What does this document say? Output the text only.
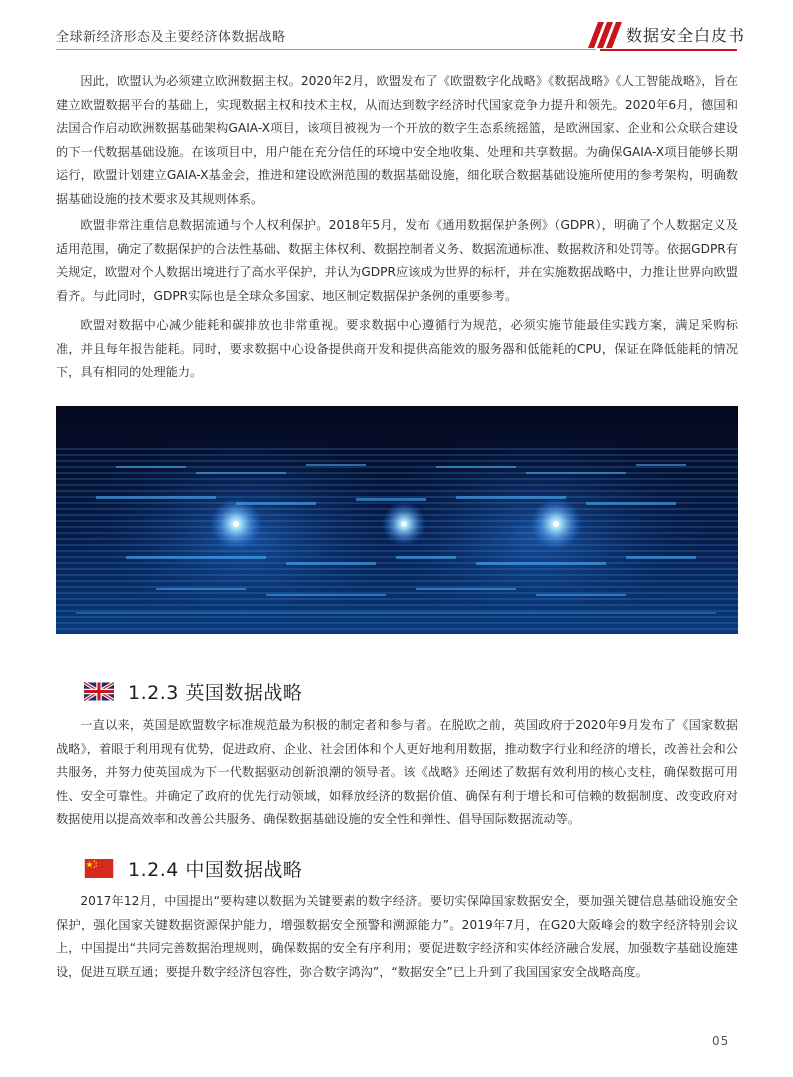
全球新经济形态及主要经济体数据战略	数据安全白皮书

因此，欧盟认为必须建立欧洲数据主权。2020年2月，欧盟发布了《欧盟数字化战略》《数据战略》《人工智能战略》，旨在建立欧盟数据平台的基础上，实现数据主权和技术主权，从而达到数字经济时代国家竞争力提升和领先。2020年6月，德国和法国合作启动欧洲数据基础架构GAIA-X项目，该项目被视为一个开放的数字生态系统摇篮，是欧洲国家、企业和公众联合建设的下一代数据基础设施。在该项目中，用户能在充分信任的环境中安全地收集、处理和共享数据。为确保GAIA-X项目能够长期运行，欧盟计划建立GAIA-X基金会，推进和建设欧洲范围的数据基础设施，细化联合数据基础设施所使用的参考架构，明确数据基础设施的技术要求及其规则体系。

欧盟非常注重信息数据流通与个人权利保护。2018年5月，发布《通用数据保护条例》（GDPR），明确了个人数据定义及适用范围，确定了数据保护的合法性基础、数据主体权利、数据控制者义务、数据流通标准、数据救济和处罚等。依据GDPR有关规定，欧盟对个人数据出境进行了高水平保护，并认为GDPR应该成为世界的标杆，并在实施数据战略中，力推让世界向欧盟看齐。与此同时，GDPR实际也是全球众多国家、地区制定数据保护条例的重要参考。

欧盟对数据中心减少能耗和碳排放也非常重视。要求数据中心遵循行为规范，必须实施节能最佳实践方案，满足采购标准，并且每年报告能耗。同时，要求数据中心设备提供商开发和提供高能效的服务器和低能耗的CPU，保证在降低能耗的情况下，具有相同的处理能力。

1.2.3 英国数据战略

一直以来，英国是欧盟数字标准规范最为积极的制定者和参与者。在脱欧之前，英国政府于2020年9月发布了《国家数据战略》，着眼于利用现有优势，促进政府、企业、社会团体和个人更好地利用数据，推动数字行业和经济的增长，改善社会和公共服务，并努力使英国成为下一代数据驱动创新浪潮的领导者。该《战略》还阐述了数据有效利用的核心支柱，确保数据可用性、安全可靠性。并确定了政府的优先行动领域，如释放经济的数据价值、确保有利于增长和可信赖的数据制度、改变政府对数据使用以提高效率和改善公共服务、确保数据基础设施的安全性和弹性、倡导国际数据流动等。

1.2.4 中国数据战略

2017年12月，中国提出“要构建以数据为关键要素的数字经济。要切实保障国家数据安全，要加强关键信息基础设施安全保护，强化国家关键数据资源保护能力，增强数据安全预警和溯源能力”。2019年7月，在G20大阪峰会的数字经济特别会议上，中国提出“共同完善数据治理规则，确保数据的安全有序利用；要促进数字经济和实体经济融合发展，加强数字基础设施建设，促进互联互通；要提升数字经济包容性，弥合数字鸿沟”，“数据安全”已上升到了我国国家安全战略高度。

05
